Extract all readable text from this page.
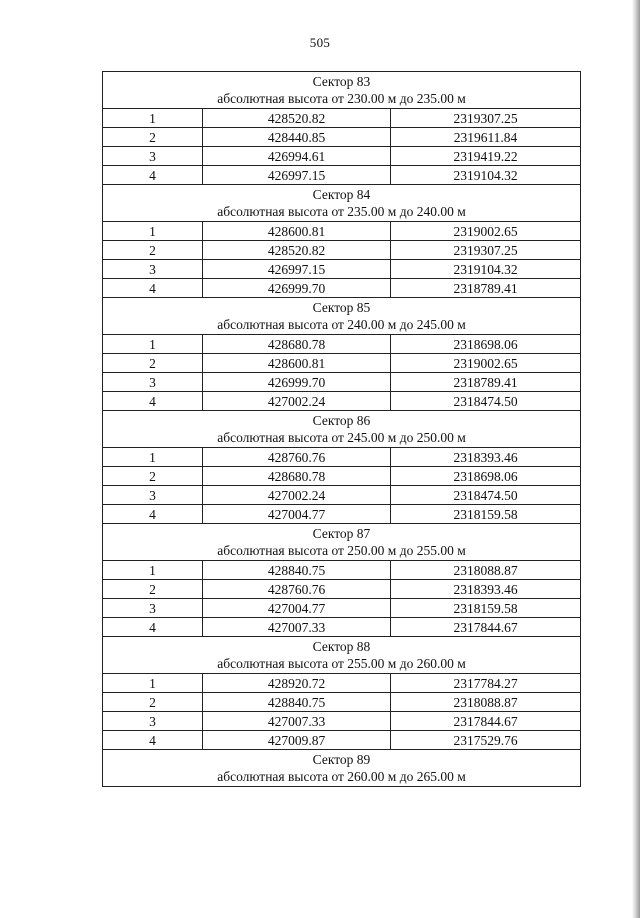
505
Сектор 83
абсолютная высота от 230.00 м до 235.00 м		

1	428520.82	2319307.25
2	428440.85	2319611.84
3	426994.61	2319419.22
4	426997.15	2319104.32

Сектор 84
абсолютная высота от 235.00 м до 240.00 м		

1	428600.81	2319002.65
2	428520.82	2319307.25
3	426997.15	2319104.32
4	426999.70	2318789.41

Сектор 85
абсолютная высота от 240.00 м до 245.00 м		

1	428680.78	2318698.06
2	428600.81	2319002.65
3	426999.70	2318789.41
4	427002.24	2318474.50

Сектор 86
абсолютная высота от 245.00 м до 250.00 м		

1	428760.76	2318393.46
2	428680.78	2318698.06
3	427002.24	2318474.50
4	427004.77	2318159.58

Сектор 87
абсолютная высота от 250.00 м до 255.00 м		

1	428840.75	2318088.87
2	428760.76	2318393.46
3	427004.77	2318159.58
4	427007.33	2317844.67

Сектор 88
абсолютная высота от 255.00 м до 260.00 м		

1	428920.72	2317784.27
2	428840.75	2318088.87
3	427007.33	2317844.67
4	427009.87	2317529.76

Сектор 89
абсолютная высота от 260.00 м до 265.00 м		
